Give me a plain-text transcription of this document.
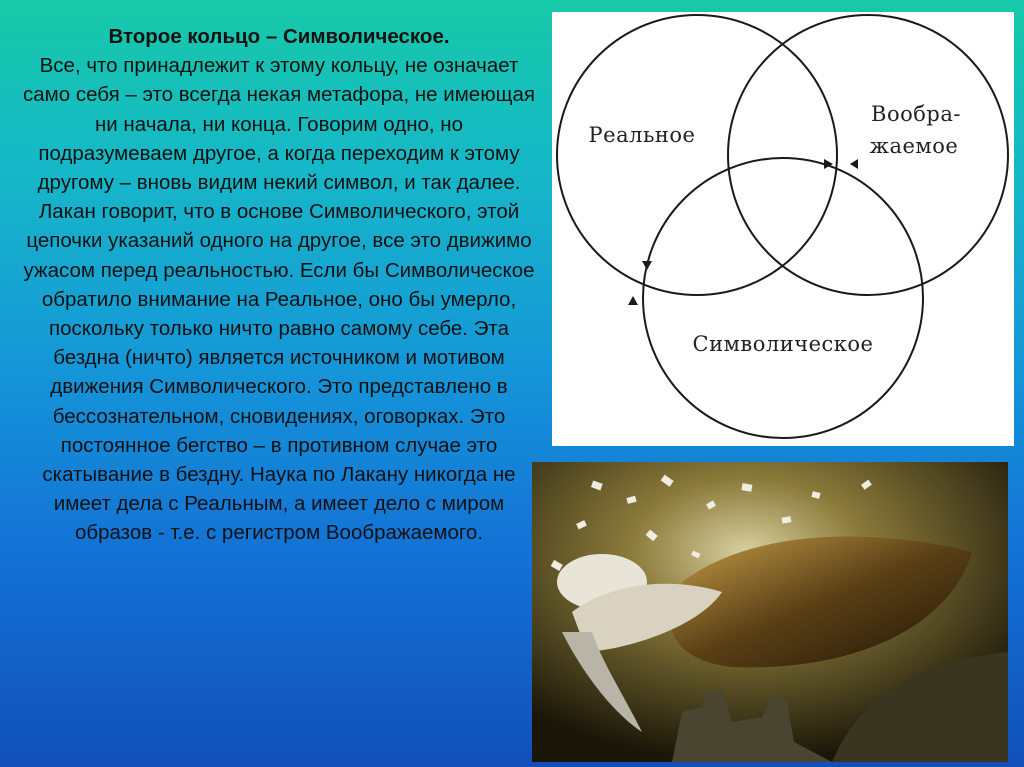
Второе кольцо – Символическое.
Все, что принадлежит к этому кольцу, не означает само себя – это всегда некая метафора, не имеющая ни начала, ни конца. Говорим одно, но подразумеваем другое, а когда переходим к этому другому – вновь видим некий символ, и так далее. Лакан говорит, что в основе Символического, этой цепочки указаний одного на другое, все это движимо ужасом перед реальностью. Если бы Символическое обратило внимание на Реальное, оно бы умерло, поскольку только ничто равно самому себе. Эта бездна (ничто) является источником и мотивом движения Символического. Это представлено в бессознательном, сновидениях, оговорках. Это постоянное бегство – в противном случае это скатывание в бездну. Наука по Лакану никогда не имеет дела с Реальным, а имеет дело с миром образов - т.е. с регистром Воображаемого.
Реальное
Вообра-
жаемое
Символическое
